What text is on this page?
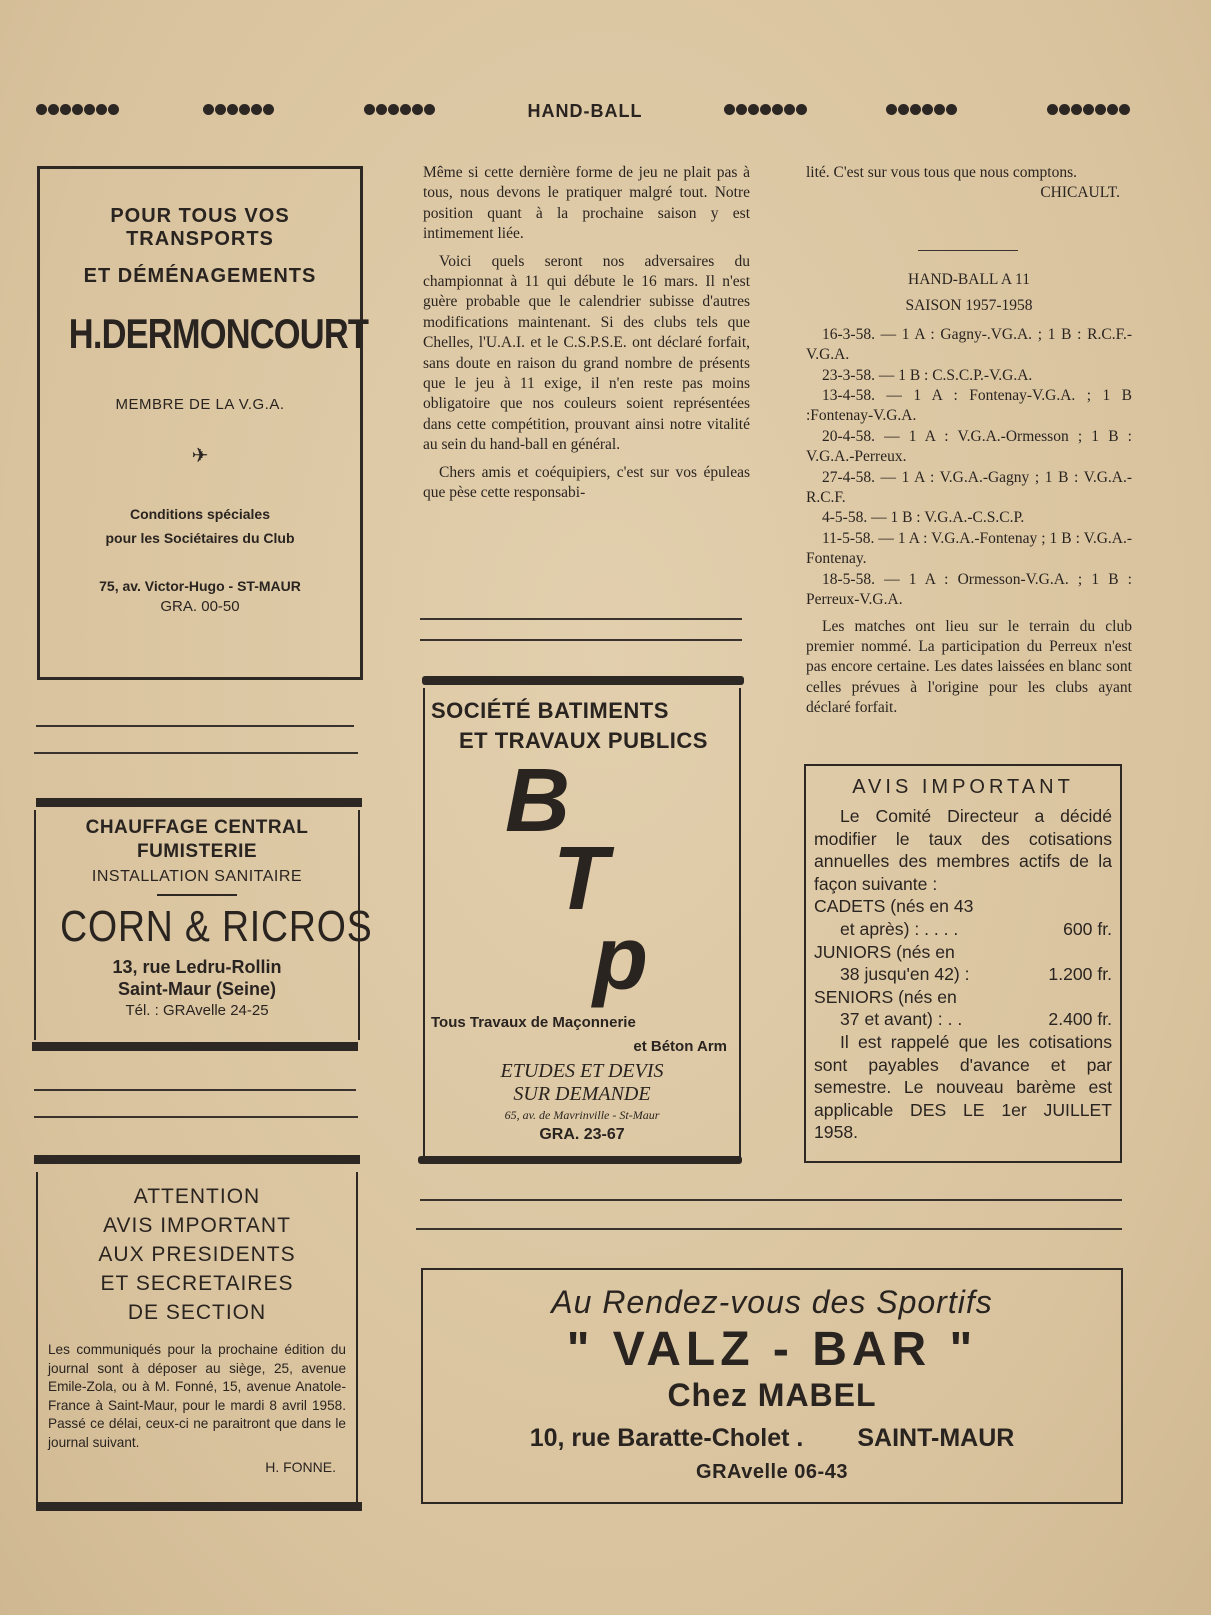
HAND-BALL
POUR TOUS VOS TRANSPORTS
ET DÉMÉNAGEMENTS
H.DERMONCOURT
MEMBRE DE LA V.G.A.
✈
Conditions spéciales
pour les Sociétaires du Club
75, av. Victor-Hugo - ST-MAUR
GRA. 00-50
CHAUFFAGE CENTRAL
FUMISTERIE
INSTALLATION SANITAIRE
CORN & RICROS
13, rue Ledru-Rollin
Saint-Maur (Seine)
Tél. : GRAvelle 24-25
ATTENTION
AVIS IMPORTANT
AUX PRESIDENTS
ET SECRETAIRES
DE SECTION
Les communiqués pour la prochaine édition du journal sont à déposer au siège, 25, avenue Emile-Zola, ou à M. Fonné, 15, avenue Anatole-France à Saint-Maur, pour le mardi 8 avril 1958. Passé ce délai, ceux-ci ne paraitront que dans le journal suivant.
H. FONNE.

Même si cette dernière forme de jeu ne plait pas à tous, nous devons le pratiquer malgré tout. Notre position quant à la prochaine saison y est intimement liée.

Voici quels seront nos adversaires du championnat à 11 qui débute le 16 mars. Il n'est guère probable que le calendrier subisse d'autres modifications maintenant. Si des clubs tels que Chelles, l'U.A.I. et le C.S.P.S.E. ont déclaré forfait, sans doute en raison du grand nombre de présents que le jeu à 11 exige, il n'en reste pas moins obligatoire que nos couleurs soient représentées dans cette compétition, prouvant ainsi notre vitalité au sein du hand-ball en général.

Chers amis et coéquipiers, c'est sur vos épuleas que pèse cette responsabi-

SOCIÉTÉ BATIMENTS
ET TRAVAUX PUBLICS
B
T
p
Tous Travaux de Maçonnerie
et Béton Arm
ETUDES ET DEVIS
SUR DEMANDE
65, av. de Mavrinville - St-Maur
GRA. 23-67

lité. C'est sur vous tous que nous comptons.

CHICAULT.
HAND-BALL A 11
SAISON 1957-1958
16-3-58. — 1 A : Gagny-.VG.A. ; 1 B : R.C.F.-V.G.A.
23-3-58. — 1 B : C.S.C.P.-V.G.A.
13-4-58. — 1 A : Fontenay-V.G.A. ; 1 B :Fontenay-V.G.A.
20-4-58. — 1 A : V.G.A.-Ormesson ; 1 B : V.G.A.-Perreux.
27-4-58. — 1 A : V.G.A.-Gagny ; 1 B : V.G.A.-R.C.F.
4-5-58. — 1 B : V.G.A.-C.S.C.P.
11-5-58. — 1 A : V.G.A.-Fontenay ; 1 B : V.G.A.-Fontenay.
18-5-58. — 1 A : Ormesson-V.G.A. ; 1 B : Perreux-V.G.A.
Les matches ont lieu sur le terrain du club premier nommé. La participation du Perreux n'est pas encore certaine. Les dates laissées en blanc sont celles prévues à l'origine pour les clubs ayant déclaré forfait.
AVIS IMPORTANT
Le Comité Directeur a décidé modifier le taux des cotisations annuelles des membres actifs de la façon suivante :
CADETS (nés en 43
et après) : . . . .	600 fr.
JUNIORS (nés en
38 jusqu'en 42) :	1.200 fr.
SENIORS (nés en
37 et avant) : . .	2.400 fr.
Il est rappelé que les cotisations sont payables d'avance et par semestre. Le nouveau barème est applicable DES LE 1er JUILLET 1958.
Au Rendez-vous des Sportifs
" VALZ - BAR "
Chez MABEL
10, rue Baratte-Cholet . SAINT-MAUR
GRAvelle 06-43
